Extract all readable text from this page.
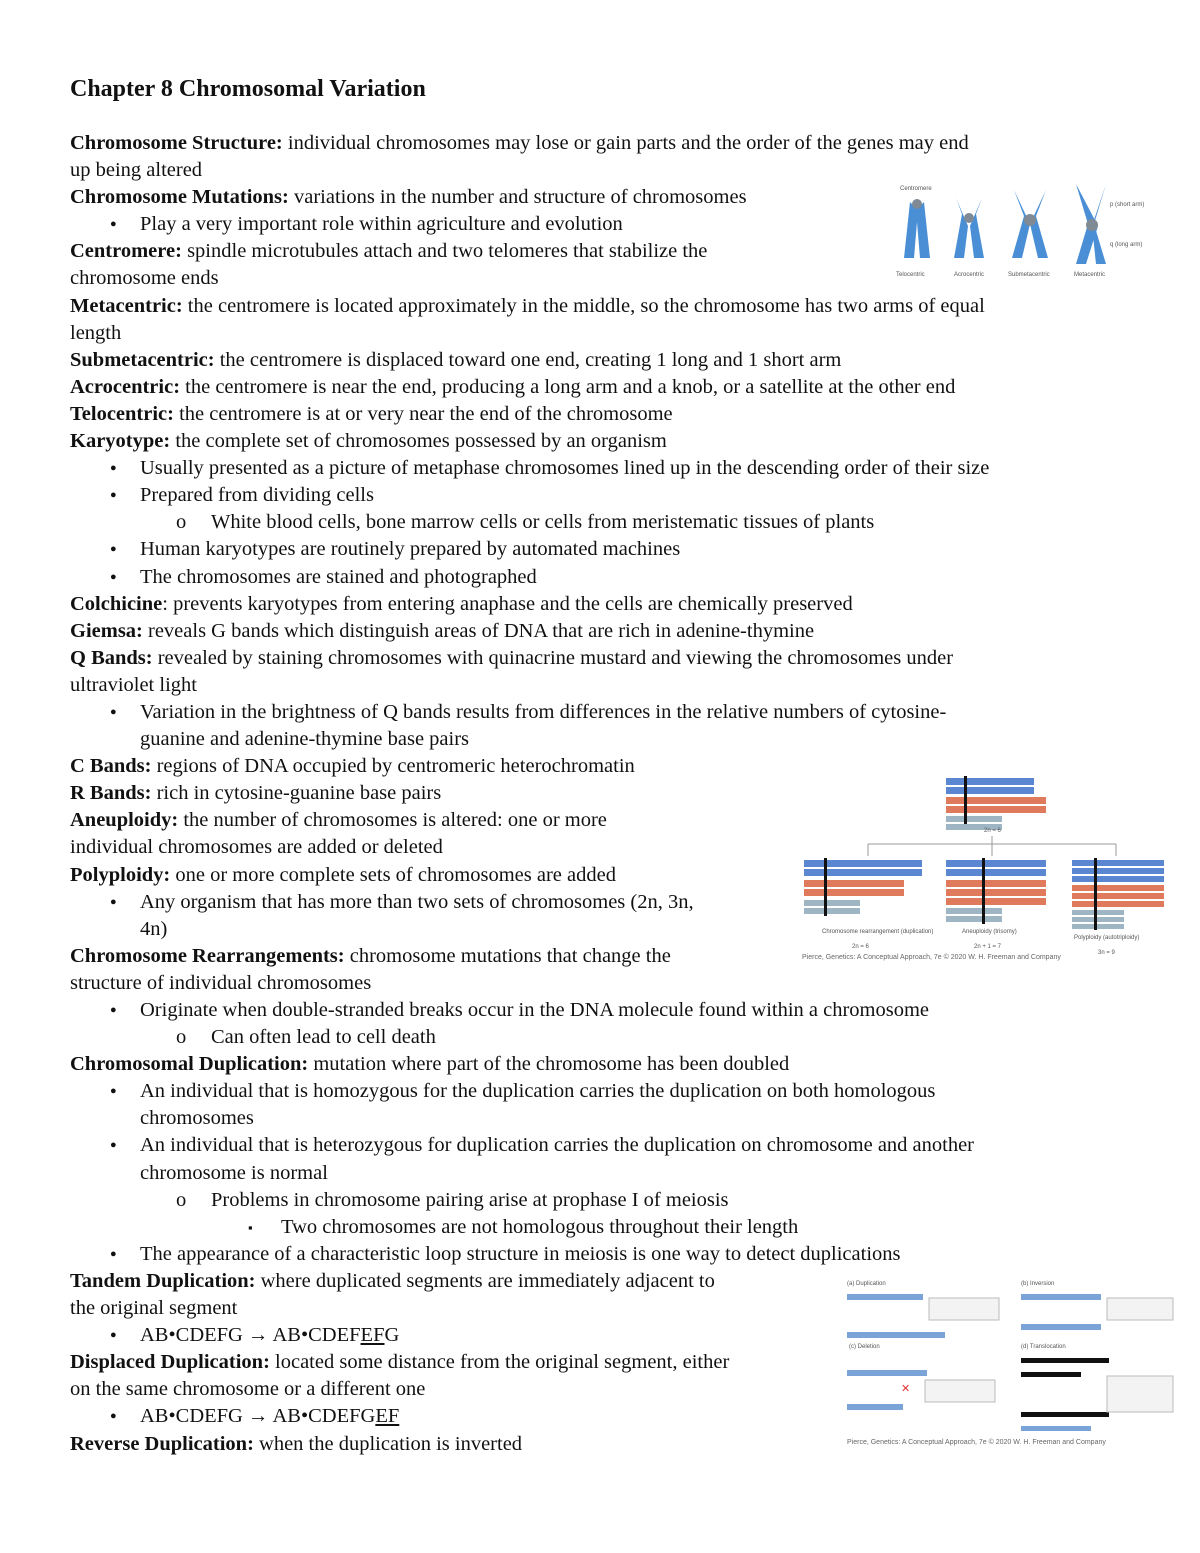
Chapter 8 Chromosomal Variation
Chromosome Structure: individual chromosomes may lose or gain parts and the order of the genes may end
up being altered
Chromosome Mutations: variations in the number and structure of chromosomes
● Play a very important role within agriculture and evolution
Centromere: spindle microtubules attach and two telomeres that stabilize the
chromosome ends
Metacentric: the centromere is located approximately in the middle, so the chromosome has two arms of equal
length
Submetacentric: the centromere is displaced toward one end, creating 1 long and 1 short arm
Acrocentric: the centromere is near the end, producing a long arm and a knob, or a satellite at the other end
Telocentric: the centromere is at or very near the end of the chromosome
Karyotype: the complete set of chromosomes possessed by an organism
● Usually presented as a picture of metaphase chromosomes lined up in the descending order of their size
● Prepared from dividing cells
o White blood cells, bone marrow cells or cells from meristematic tissues of plants
● Human karyotypes are routinely prepared by automated machines
● The chromosomes are stained and photographed
Colchicine: prevents karyotypes from entering anaphase and the cells are chemically preserved
Giemsa: reveals G bands which distinguish areas of DNA that are rich in adenine-thymine
Q Bands: revealed by staining chromosomes with quinacrine mustard and viewing the chromosomes under
ultraviolet light
● Variation in the brightness of Q bands results from differences in the relative numbers of cytosine-
guanine and adenine-thymine base pairs
C Bands: regions of DNA occupied by centromeric heterochromatin
R Bands: rich in cytosine-guanine base pairs
Aneuploidy: the number of chromosomes is altered: one or more
individual chromosomes are added or deleted
Polyploidy: one or more complete sets of chromosomes are added
● Any organism that has more than two sets of chromosomes (2n, 3n,
4n)
Chromosome Rearrangements: chromosome mutations that change the
structure of individual chromosomes
● Originate when double-stranded breaks occur in the DNA molecule found within a chromosome
o Can often lead to cell death
Chromosomal Duplication: mutation where part of the chromosome has been doubled
● An individual that is homozygous for the duplication carries the duplication on both homologous
chromosomes
● An individual that is heterozygous for duplication carries the duplication on chromosome and another
chromosome is normal
o Problems in chromosome pairing arise at prophase I of meiosis
▪ Two chromosomes are not homologous throughout their length
● The appearance of a characteristic loop structure in meiosis is one way to detect duplications
Tandem Duplication: where duplicated segments are immediately adjacent to
the original segment
● AB•CDEFG → AB•CDEFEFG
Displaced Duplication: located some distance from the original segment, either
on the same chromosome or a different one
● AB•CDEFG → AB•CDEFGEF
Reverse Duplication: when the duplication is inverted
Centromere
p (short arm)
q (long arm)
Telocentric	Acrocentric	Submetacentric	Metacentric
2n = 6
Chromosome rearrangement (duplication)
2n = 6
Aneuploidy (trisomy)
2n + 1 = 7
Polyploidy (autotriploidy)
3n = 9
Pierce, Genetics: A Conceptual Approach, 7e © 2020 W. H. Freeman and Company
(a) Duplication
(c) Deletion
✕
(b) Inversion
(d) Translocation
Pierce, Genetics: A Conceptual Approach, 7e © 2020 W. H. Freeman and Company
